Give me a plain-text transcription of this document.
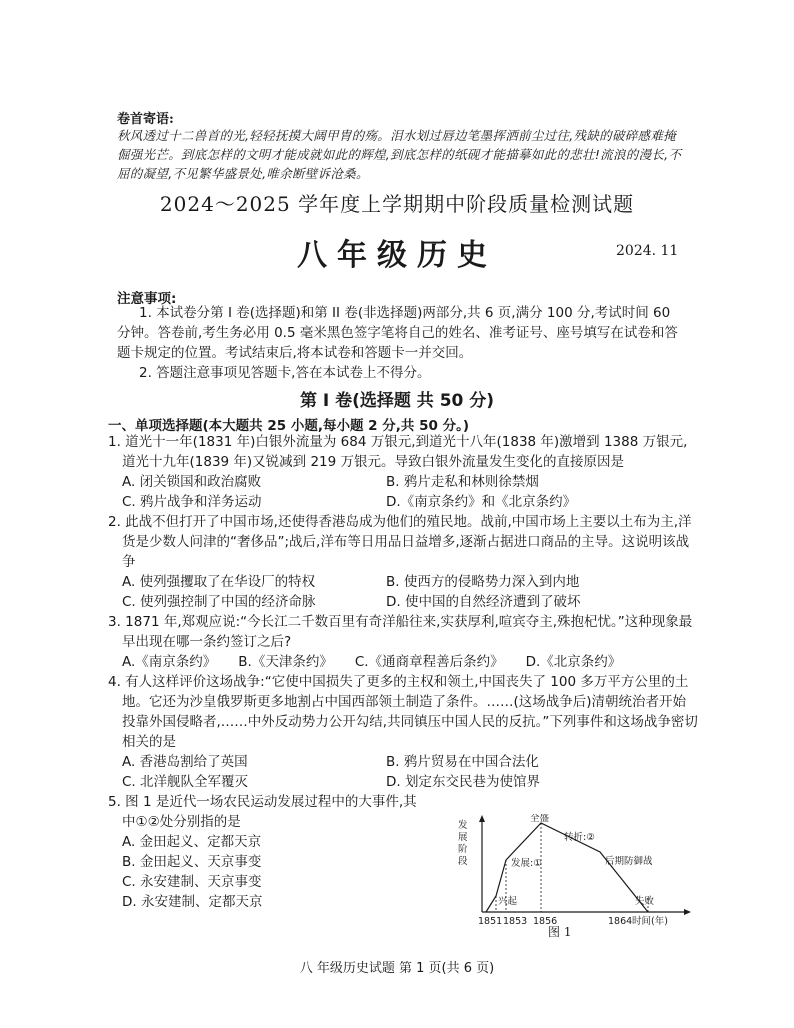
卷首寄语:
秋风透过十二兽首的光,轻轻抚摸大阔甲胄的殇。泪水划过唇边笔墨挥洒前尘过往,残缺的破碎感难掩倔强光芒。到底怎样的文明才能成就如此的辉煌,到底怎样的纸砚才能描摹如此的悲壮!流浪的漫长,不屈的凝望,不见繁华盛景处,唯余断壁诉沧桑。
2024～2025 学年度上学期期中阶段质量检测试题
八年级历史	2024. 11
注意事项:

1. 本试卷分第 I 卷(选择题)和第 II 卷(非选择题)两部分,共 6 页,满分 100 分,考试时间 60 分钟。答卷前,考生务必用 0.5 毫米黑色签字笔将自己的姓名、准考证号、座号填写在试卷和答题卡规定的位置。考试结束后,将本试卷和答题卡一并交回。

2. 答题注意事项见答题卡,答在本试卷上不得分。

第 I 卷(选择题 共 50 分)
一、单项选择题(本大题共 25 小题,每小题 2 分,共 50 分。)

1. 道光十一年(1831 年)白银外流量为 684 万银元,到道光十八年(1838 年)激增到 1388 万银元,道光十九年(1839 年)又锐减到 219 万银元。导致白银外流量发生变化的直接原因是

A. 闭关锁国和政治腐败	B. 鸦片走私和林则徐禁烟
C. 鸦片战争和洋务运动	D.《南京条约》和《北京条约》

2. 此战不但打开了中国市场,还使得香港岛成为他们的殖民地。战前,中国市场上主要以土布为主,洋货是少数人问津的“奢侈品”;战后,洋布等日用品日益增多,逐渐占据进口商品的主导。这说明该战争

A. 使列强攫取了在华设厂的特权	B. 使西方的侵略势力深入到内地
C. 使列强控制了中国的经济命脉	D. 使中国的自然经济遭到了破坏

3. 1871 年,郑观应说:“今长江二千数百里有奇洋船往来,实获厚利,喧宾夺主,殊抱杞忧。”这种现象最早出现在哪一条约签订之后?

A.《南京条约》 B.《天津条约》 C.《通商章程善后条约》 D.《北京条约》

4. 有人这样评价这场战争:“它使中国损失了更多的主权和领土,中国丧失了 100 多万平方公里的土地。它还为沙皇俄罗斯更多地割占中国西部领土制造了条件。……(这场战争后)清朝统治者开始投靠外国侵略者,……中外反动势力公开勾结,共同镇压中国人民的反抗。”下列事件和这场战争密切相关的是

A. 香港岛割给了英国	B. 鸦片贸易在中国合法化
C. 北洋舰队全军覆灭	D. 划定东交民巷为使馆界

5. 图 1 是近代一场农民运动发展过程中的大事件,其中①②处分别指的是

A. 金田起义、定都天京
B. 金田起义、天京事变
C. 永安建制、天京事变
D. 永安建制、定都天京
发
展
阶
段
兴起
发展:①
全盛
转折:②
后期防御战
失败
1851 1853 1856	1864 时间(年)
图 1
八 年级历史试题 第 1 页(共 6 页)
